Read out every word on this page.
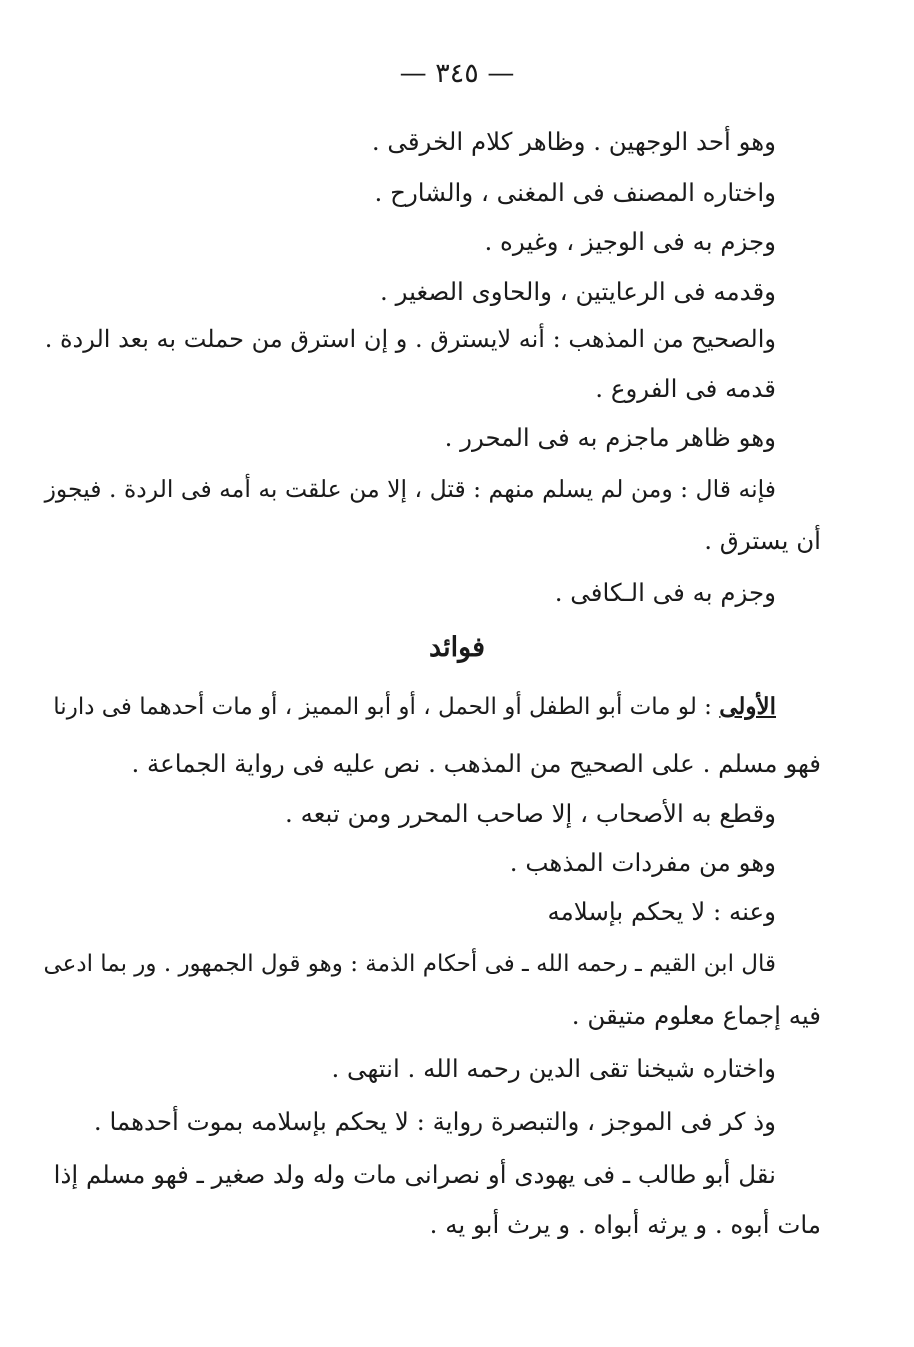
— ٣٤٥ —
وهو أحد الوجهين . وظاهر كلام الخرقى .
واختاره المصنف فى المغنى ، والشارح .
وجزم به فى الوجيز ، وغيره .
وقدمه فى الرعايتين ، والحاوى الصغير .
والصحيح من المذهب : أنه لايسترق . و إن استرق من حملت به بعد الردة .
قدمه فى الفروع .
وهو ظاهر ماجزم به فى المحرر .
فإنه قال : ومن لم يسلم منهم : قتل ، إلا من علقت به أمه فى الردة . فيجوز
أن يسترق .
وجزم به فى الـكافى .
فوائد
الأولى : لو مات أبو الطفل أو الحمل ، أو أبو المميز ، أو مات أحدهما فى دارنا
فهو مسلم . على الصحيح من المذهب . نص عليه فى رواية الجماعة .
وقطع به الأصحاب ، إلا صاحب المحرر ومن تبعه .
وهو من مفردات المذهب .
وعنه : لا يحكم بإسلامه
قال ابن القيم ـ رحمه الله ـ فى أحكام الذمة : وهو قول الجمهور . ور بما ادعى
فيه إجماع معلوم متيقن .
واختاره شيخنا تقى الدين رحمه الله . انتهى .
وذ كر فى الموجز ، والتبصرة رواية : لا يحكم بإسلامه بموت أحدهما .
نقل أبو طالب ـ فى يهودى أو نصرانى مات وله ولد صغير ـ فهو مسلم إذا
مات أبوه . و يرثه أبواه . و يرث أبو يه .
